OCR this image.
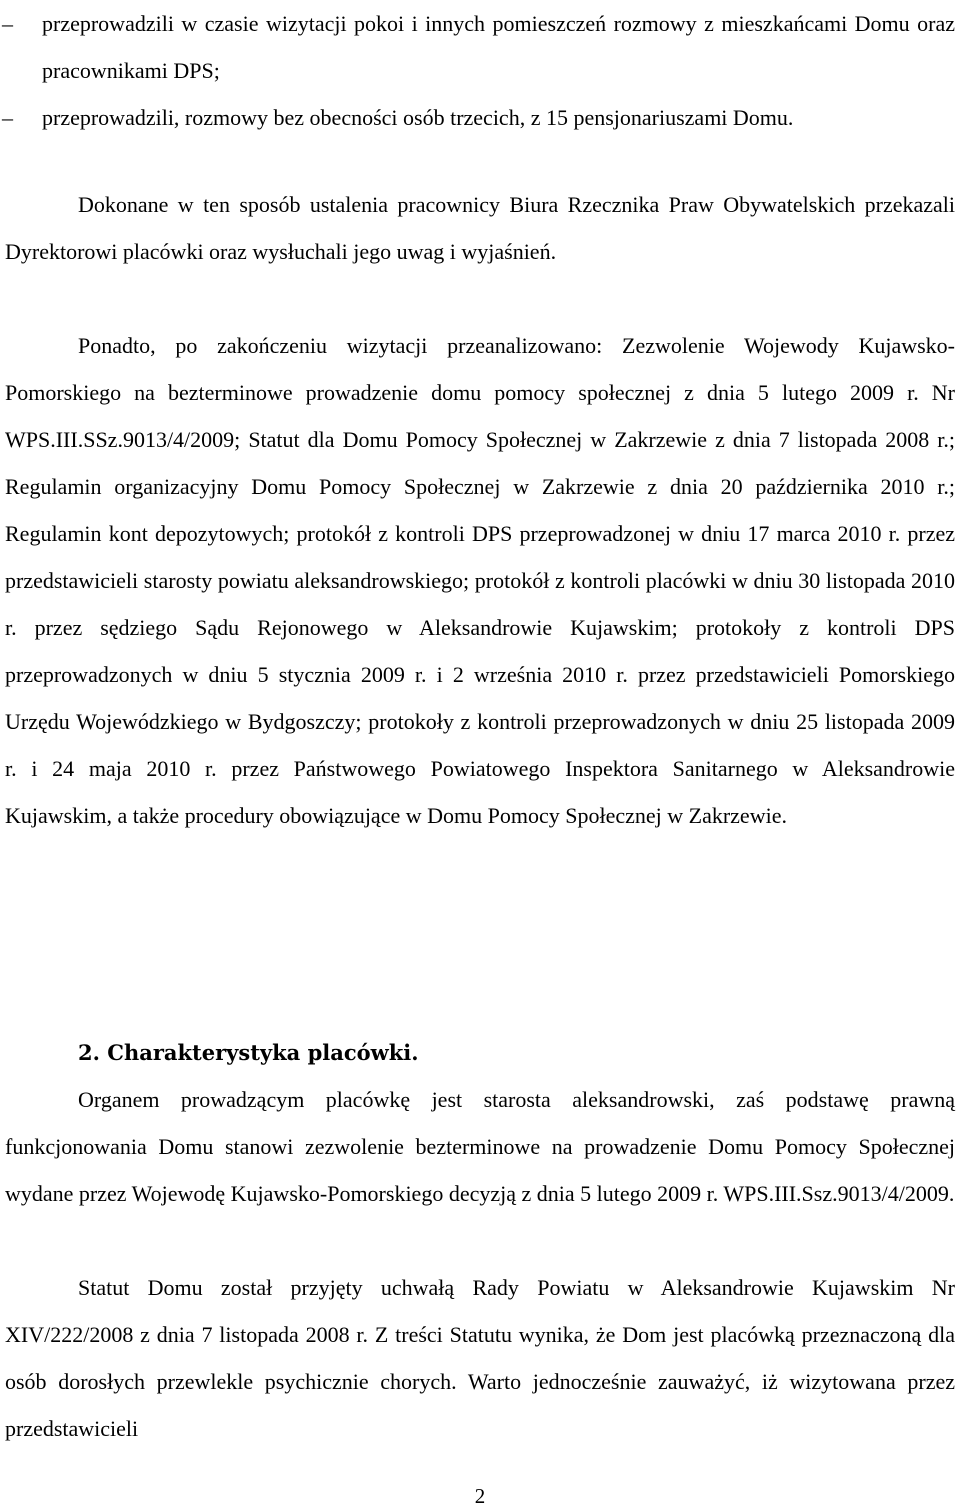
– przeprowadzili w czasie wizytacji pokoi i innych pomieszczeń rozmowy z mieszkańcami Domu oraz pracownikami DPS;
– przeprowadzili, rozmowy bez obecności osób trzecich, z 15 pensjonariuszami Domu.

Dokonane w ten sposób ustalenia pracownicy Biura Rzecznika Praw Obywatelskich przekazali Dyrektorowi placówki oraz wysłuchali jego uwag i wyjaśnień.

Ponadto, po zakończeniu wizytacji przeanalizowano: Zezwolenie Wojewody Kujawsko-Pomorskiego na bezterminowe prowadzenie domu pomocy społecznej z dnia 5 lutego 2009 r. Nr WPS.III.SSz.9013/4/2009; Statut dla Domu Pomocy Społecznej w Zakrzewie z dnia 7 listopada 2008 r.; Regulamin organizacyjny Domu Pomocy Społecznej w Zakrzewie z dnia 20 października 2010 r.; Regulamin kont depozytowych; protokół z kontroli DPS przeprowadzonej w dniu 17 marca 2010 r. przez przedstawicieli starosty powiatu aleksandrowskiego; protokół z kontroli placówki w dniu 30 listopada 2010 r. przez sędziego Sądu Rejonowego w Aleksandrowie Kujawskim; protokoły z kontroli DPS przeprowadzonych w dniu 5 stycznia 2009 r. i 2 września 2010 r. przez przedstawicieli Pomorskiego Urzędu Wojewódzkiego w Bydgoszczy; protokoły z kontroli przeprowadzonych w dniu 25 listopada 2009 r. i 24 maja 2010 r. przez Państwowego Powiatowego Inspektora Sanitarnego w Aleksandrowie Kujawskim, a także procedury obowiązujące w Domu Pomocy Społecznej w Zakrzewie.

2. Charakterystyka placówki.

Organem prowadzącym placówkę jest starosta aleksandrowski, zaś podstawę prawną funkcjonowania Domu stanowi zezwolenie bezterminowe na prowadzenie Domu Pomocy Społecznej wydane przez Wojewodę Kujawsko-Pomorskiego decyzją z dnia 5 lutego 2009 r. WPS.III.Ssz.9013/4/2009.

Statut Domu został przyjęty uchwałą Rady Powiatu w Aleksandrowie Kujawskim Nr XIV/222/2008 z dnia 7 listopada 2008 r. Z treści Statutu wynika, że Dom jest placówką przeznaczoną dla osób dorosłych przewlekle psychicznie chorych. Warto jednocześnie zauważyć, iż wizytowana przez przedstawicieli

2
